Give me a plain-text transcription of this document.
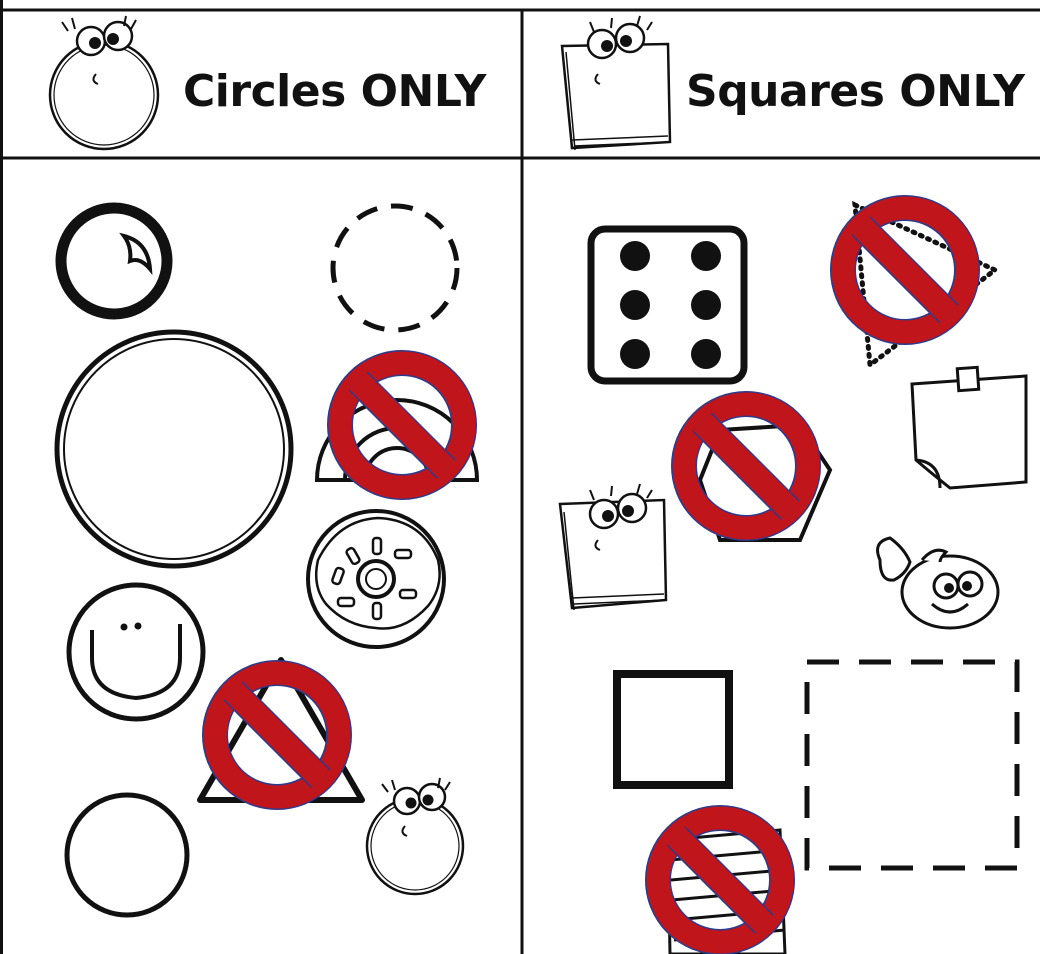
Circles ONLY	Squares ONLY
